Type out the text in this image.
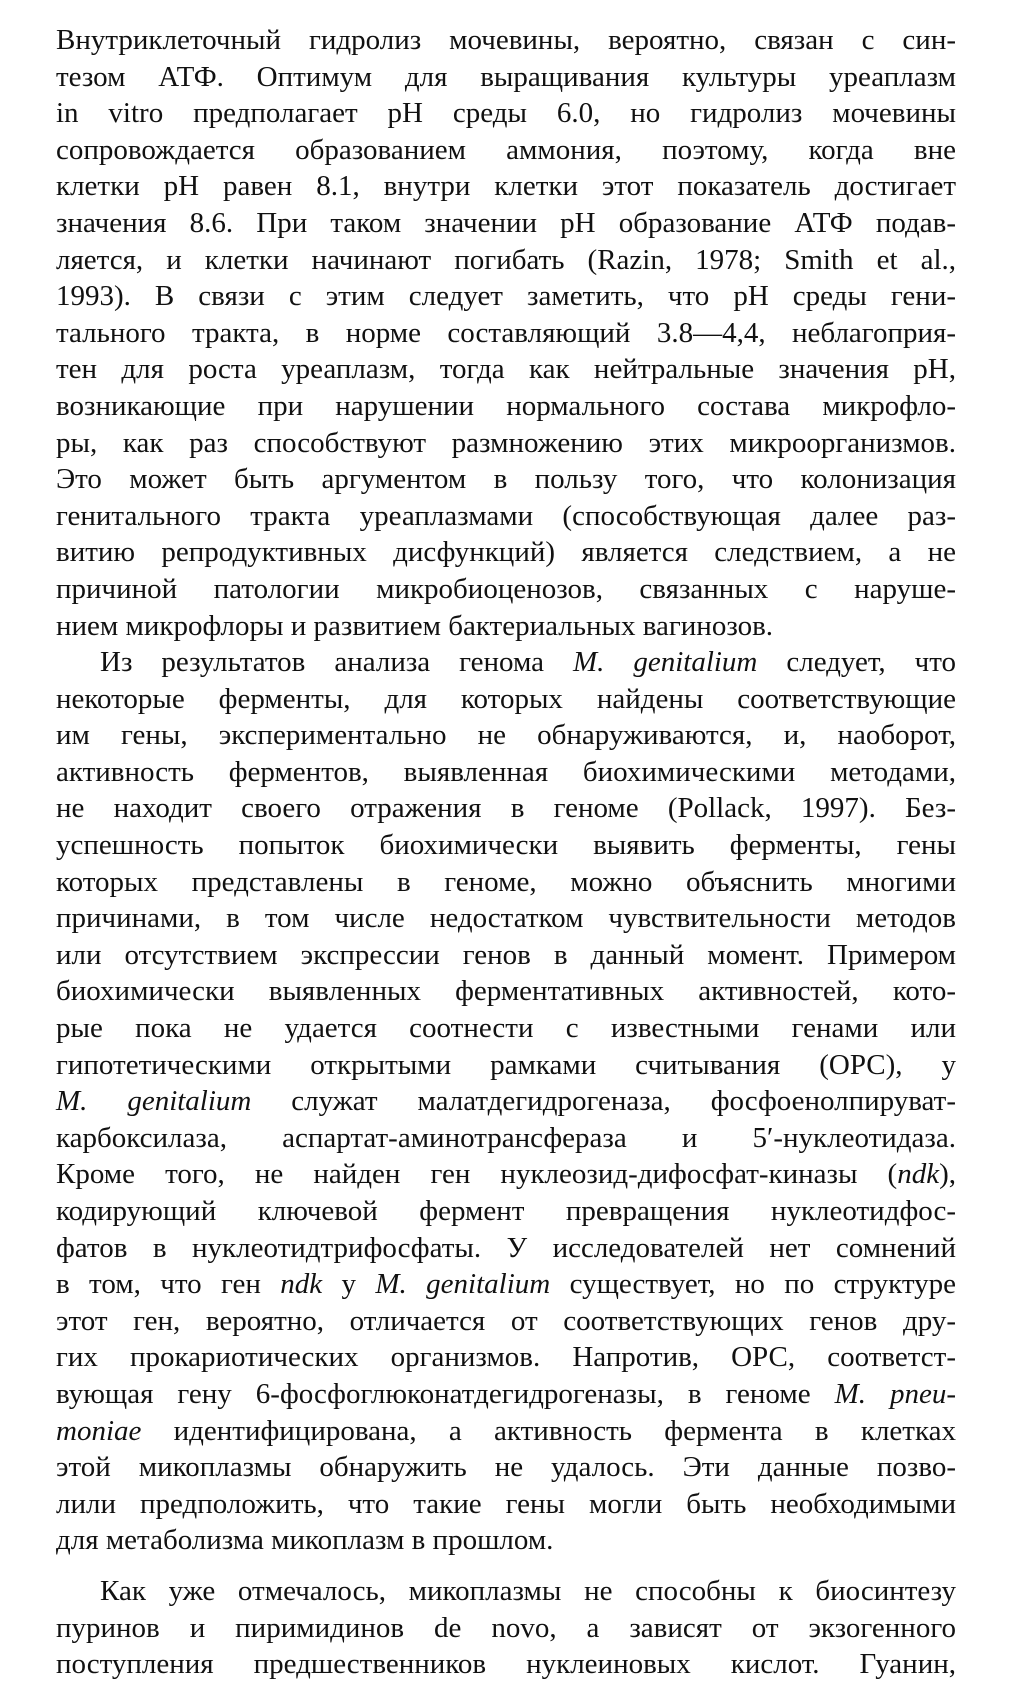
Внутриклеточный гидролиз мочевины, вероятно, связан с син-
тезом АТФ. Оптимум для выращивания культуры уреаплазм
in vitro предполагает pH среды 6.0, но гидролиз мочевины
сопровождается образованием аммония, поэтому, когда вне
клетки pH равен 8.1, внутри клетки этот показатель достигает
значения 8.6. При таком значении pH образование АТФ подав-
ляется, и клетки начинают погибать (Razin, 1978; Smith et al.,
1993). В связи с этим следует заметить, что pH среды гени-
тального тракта, в норме составляющий 3.8—4,4, неблагоприя-
тен для роста уреаплазм, тогда как нейтральные значения pH,
возникающие при нарушении нормального состава микрофло-
ры, как раз способствуют размножению этих микроорганизмов.
Это может быть аргументом в пользу того, что колонизация
генитального тракта уреаплазмами (способствующая далее раз-
витию репродуктивных дисфункций) является следствием, а не
причиной патологии микробиоценозов, связанных с наруше-
нием микрофлоры и развитием бактериальных вагинозов.
Из результатов анализа генома M. genitalium следует, что
некоторые ферменты, для которых найдены соответствующие
им гены, экспериментально не обнаруживаются, и, наоборот,
активность ферментов, выявленная биохимическими методами,
не находит своего отражения в геноме (Pollack, 1997). Без-
успешность попыток биохимически выявить ферменты, гены
которых представлены в геноме, можно объяснить многими
причинами, в том числе недостатком чувствительности методов
или отсутствием экспрессии генов в данный момент. Примером
биохимически выявленных ферментативных активностей, кото-
рые пока не удается соотнести с известными генами или
гипотетическими открытыми рамками считывания (ОРС), у
M. genitalium служат малатдегидрогеназа, фосфоенолпируват-
карбоксилаза, аспартат-аминотрансфераза и 5′-нуклеотидаза.
Кроме того, не найден ген нуклеозид-дифосфат-киназы (ndk),
кодирующий ключевой фермент превращения нуклеотидфос-
фатов в нуклеотидтрифосфаты. У исследователей нет сомнений
в том, что ген ndk у M. genitalium существует, но по структуре
этот ген, вероятно, отличается от соответствующих генов дру-
гих прокариотических организмов. Напротив, ОРС, соответст-
вующая гену 6-фосфоглюконатдегидрогеназы, в геноме M. pneu-
moniae идентифицирована, а активность фермента в клетках
этой микоплазмы обнаружить не удалось. Эти данные позво-
лили предположить, что такие гены могли быть необходимыми
для метаболизма микоплазм в прошлом.
Как уже отмечалось, микоплазмы не способны к биосинтезу
пуринов и пиримидинов de novo, а зависят от экзогенного
поступления предшественников нуклеиновых кислот. Гуанин,
